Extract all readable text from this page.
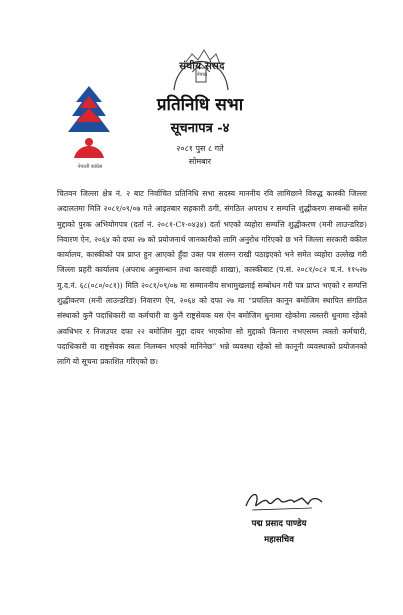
नेपाली कांग्रेस
संघीय संसद
नेपाल
प्रतिनिधि सभा
सूचनापत्र -४
२०८१ पुस ८ गते
सोमबार
चितवन जिल्ला क्षेत्र नं. २ बाट निर्वाचित प्रतिनिधि सभा सदस्य माननीय रवि लामिछाने विरुद्ध कास्की जिल्ला अदालतमा मिति २०८१/०९/०७ गते आइतबार सहकारी ठगी, संगठित अपराध र सम्पत्ति शुद्धीकरण सम्बन्धी समेत मुद्दाको पुरक अभियोगपत्र (दर्ता नं. २०८१-C१-०४३४) दर्ता भएको व्यहोरा सम्पत्ति शुद्धीकरण (मनी लाउन्डरिङ) निवारण ऐन, २०६४ को दफा २७ को प्रयोजनार्थ जानकारीको लागि अनुरोध गरिएको छ भने जिल्ला सरकारी वकील कार्यालय, कास्कीको पत्र प्राप्त हुन आएको हुँदा उक्त पत्र संलग्न राखी पठाइएको भने समेत व्यहोरा उल्लेख गरी जिल्ला प्रहरी कार्यालय (अपराध अनुसन्धान तथा कारवाही शाखा), कास्कीबाट (प.सं. २०८१/०८२ च.नं. ११५२७ मु.द.नं. ६८(०८०/०८१)) मिति २०८१/०९/०७ मा सम्माननीय सभामुखलाई सम्बोधन गरी पत्र प्राप्त भएको र सम्पत्ति शुद्धीकरण (मनी लाउन्डरिङ) निवारण ऐन, २०६४ को दफा २७ मा “प्रचलित कानून बमोजिम स्थापित संगठित संस्थाको कुनै पदाधिकारी वा कर्मचारी वा कुनै राष्ट्रसेवक यस ऐन बमोजिम धुनामा रहेकोमा त्यस्तरी धुनामा रहेको अवधिभर र निजउपर दफा २२ बमोजिम मुद्दा दायर भएकोमा सो मुद्दाको किनारा नभएसम्म त्यस्तो कर्मचारी, पदाधिकारी वा राष्ट्रसेवक स्वतः निलम्बन भएको मानिनेछ” भन्ने व्यवस्था रहेको सो कानूनी व्यवस्थाको प्रयोजनको लागि यो सूचना प्रकाशित गरिएको छ।
पद्म प्रसाद पाण्डेय
महासचिव
